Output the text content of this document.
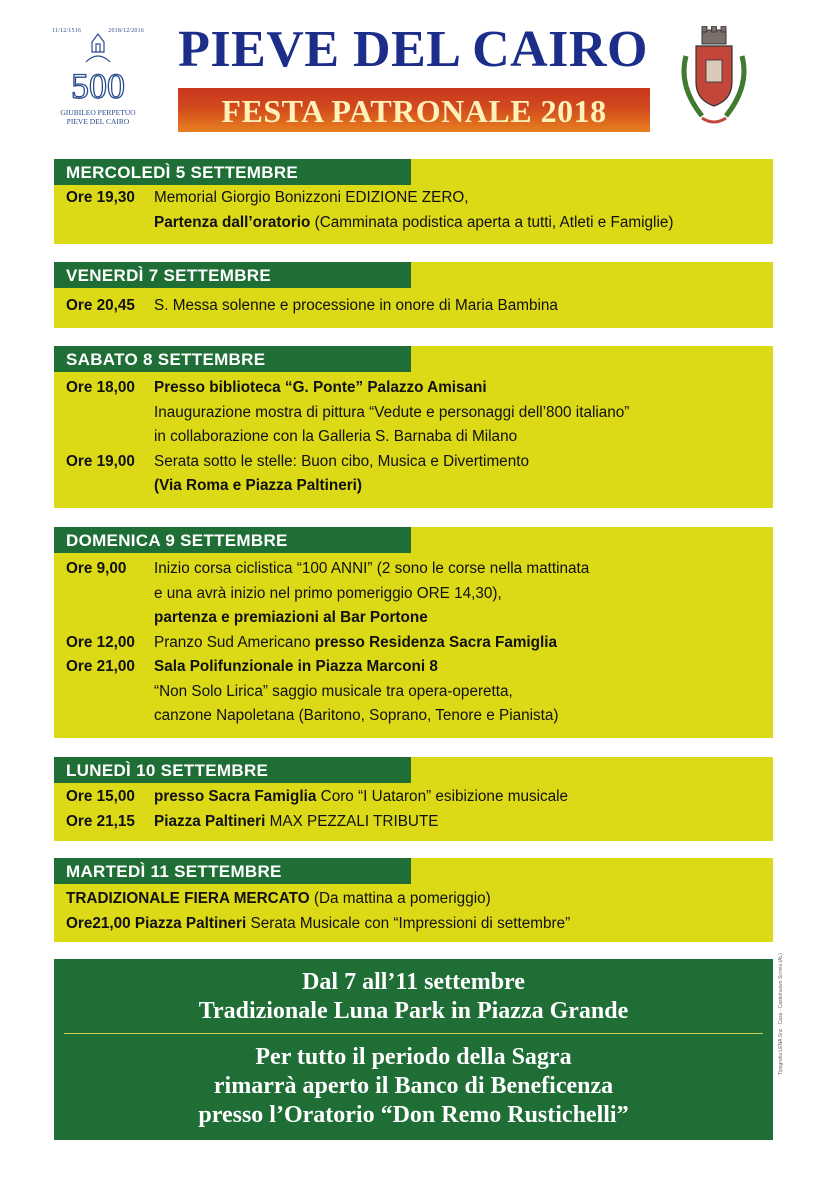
11/12/1516	2018/12/2016
500
GIUBILEO PERPETUO
PIEVE DEL CAIRO
PIEVE DEL CAIRO
FESTA PATRONALE 2018
MERCOLEDÌ 5 SETTEMBRE
Ore 19,30 Memorial Giorgio Bonizzoni EDIZIONE ZERO,
Partenza dall’oratorio (Camminata podistica aperta a tutti, Atleti e Famiglie)
VENERDÌ 7 SETTEMBRE
Ore 20,45 S. Messa solenne e processione in onore di Maria Bambina
SABATO 8 SETTEMBRE
Ore 18,00 Presso biblioteca “G. Ponte” Palazzo Amisani
Inaugurazione mostra di pittura “Vedute e personaggi dell’800 italiano”
in collaborazione con la Galleria S. Barnaba di Milano
Ore 19,00 Serata sotto le stelle: Buon cibo, Musica e Divertimento
(Via Roma e Piazza Paltineri)
DOMENICA 9 SETTEMBRE
Ore 9,00 Inizio corsa ciclistica “100 ANNI” (2 sono le corse nella mattinata
e una avrà inizio nel primo pomeriggio ORE 14,30),
partenza e premiazioni al Bar Portone
Ore 12,00 Pranzo Sud Americano presso Residenza Sacra Famiglia
Ore 21,00 Sala Polifunzionale in Piazza Marconi 8
“Non Solo Lirica” saggio musicale tra opera-operetta,
canzone Napoletana (Baritono, Soprano, Tenore e Pianista)
LUNEDÌ 10 SETTEMBRE
Ore 15,00 presso Sacra Famiglia Coro “I Uataron” esibizione musicale
Ore 21,15 Piazza Paltineri MAX PEZZALI TRIBUTE
MARTEDÌ 11 SETTEMBRE
TRADIZIONALE FIERA MERCATO (Da mattina a pomeriggio)
Ore21,00 Piazza Paltineri Serata Musicale con “Impressioni di settembre”
Dal 7 all’11 settembre
Tradizionale Luna Park in Piazza Grande
Per tutto il periodo della Sagra
rimarrà aperto il Banco di Beneficenza
presso l’Oratorio “Don Remo Rustichelli”
Tipografia LENA Snc · Casa · Castelnuovo Scrivia (AL)
